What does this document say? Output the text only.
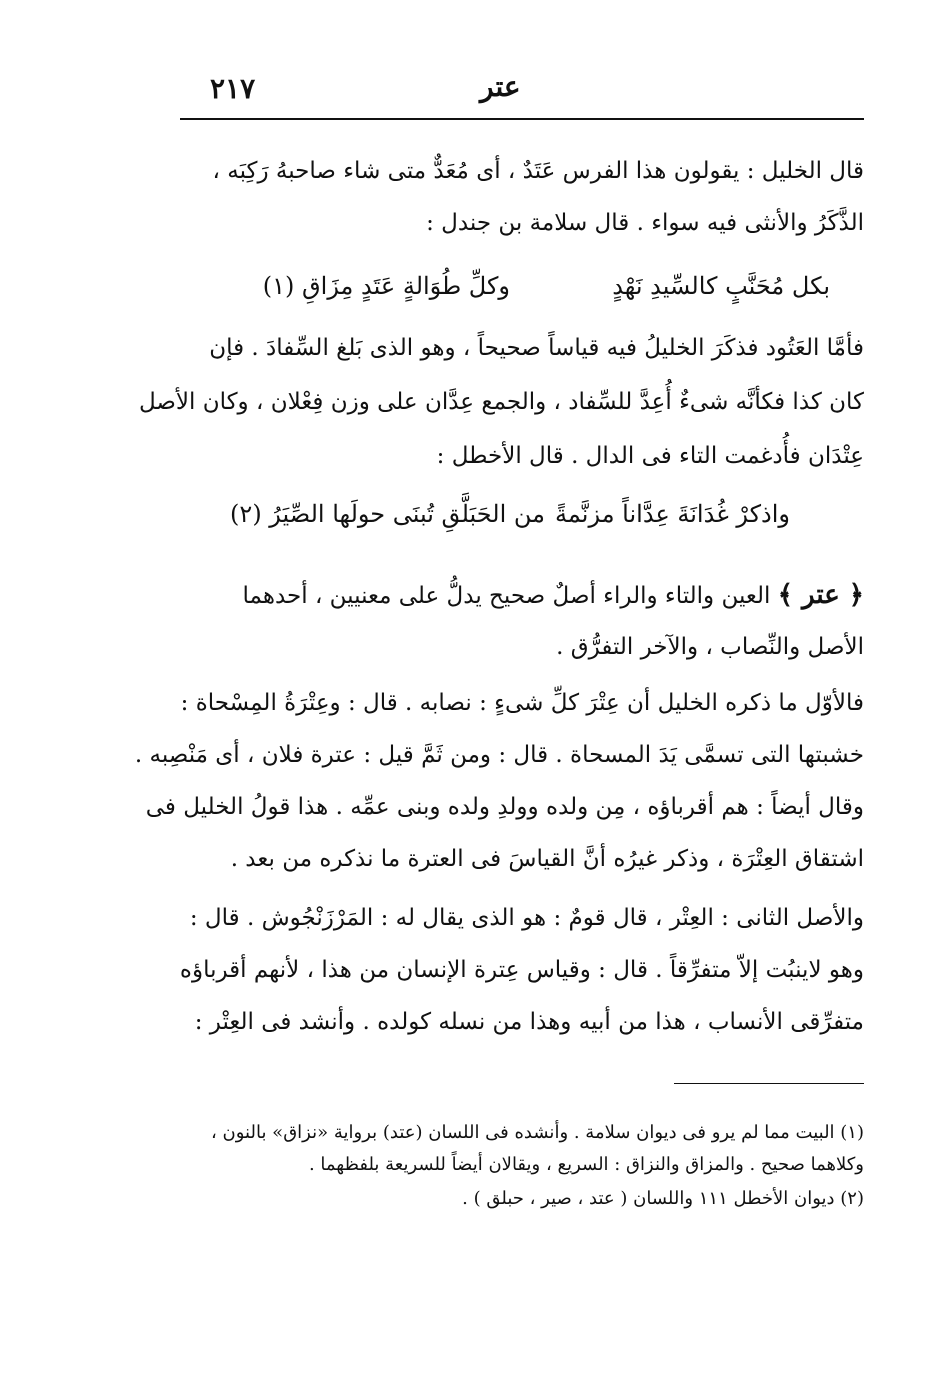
٢١٧	عتر
قال الخليل : يقولون هذا الفرس عَتَدٌ ، أى مُعَدٌّ متى شاء صاحبهُ رَكِبَه ،
الذَّكَرُ والأنثى فيه سواء . قال سلامة بن جندل :
بكل مُحَنَّبٍ كالسِّيدِ نَهْدٍ
وكلِّ طُوَالةٍ عَتَدٍ مِزَاقِ (١)
فأمَّا العَتُود فذكَرَ الخليلُ فيه قياساً صحيحاً ، وهو الذى بَلغ السِّفادَ . فإن
كان كذا فكأنَّه شىءٌ أُعِدَّ للسِّفاد ، والجمع عِدَّان على وزن فِعْلان ، وكان الأصل
عِتْدَان فأُدغمت التاء فى الدال . قال الأخطل :
واذكرْ غُدَانَةَ عِدَّاناً مزنَّمةً
من الحَبَلَّقِ تُبنَى حولَها الصِّيَرُ (٢)
﴿ عتر ﴾ العين والتاء والراء أصلٌ صحيح يدلُّ على معنيين ، أحدهما
الأصل والنِّصاب ، والآخر التفرُّق .
فالأوّل ما ذكره الخليل أن عِتْرَ كلِّ شىءٍ : نصابه . قال : وعِتْرَةُ المِسْحاة :
خشبتها التى تسمَّى يَدَ المسحاة . قال : ومن ثَمَّ قيل : عترة فلان ، أى مَنْصِبه .
وقال أيضاً : هم أقرباؤه ، مِن ولده وولدِ ولده وبنى عمِّه . هذا قولُ الخليل فى
اشتقاق العِتْرَة ، وذكر غيرُه أنَّ القياسَ فى العترة ما نذكره من بعد .
والأصل الثانى : العِتْر ، قال قومٌ : هو الذى يقال له : المَرْزَنْجُوش . قال :
وهو لاينبُت إلاّ متفرِّقاً . قال : وقياس عِترة الإنسان من هذا ، لأنهم أقرباؤه
متفرِّقى الأنساب ، هذا من أبيه وهذا من نسله كولده . وأنشد فى العِتْر :
(١) البيت مما لم يرو فى ديوان سلامة . وأنشده فى اللسان (عتد) برواية «نزاق» بالنون ،
وكلاهما صحيح . والمزاق والنزاق : السريع ، ويقالان أيضاً للسريعة بلفظهما .
(٢) ديوان الأخطل ١١١ واللسان ( عتد ، صير ، حبلق ) .
